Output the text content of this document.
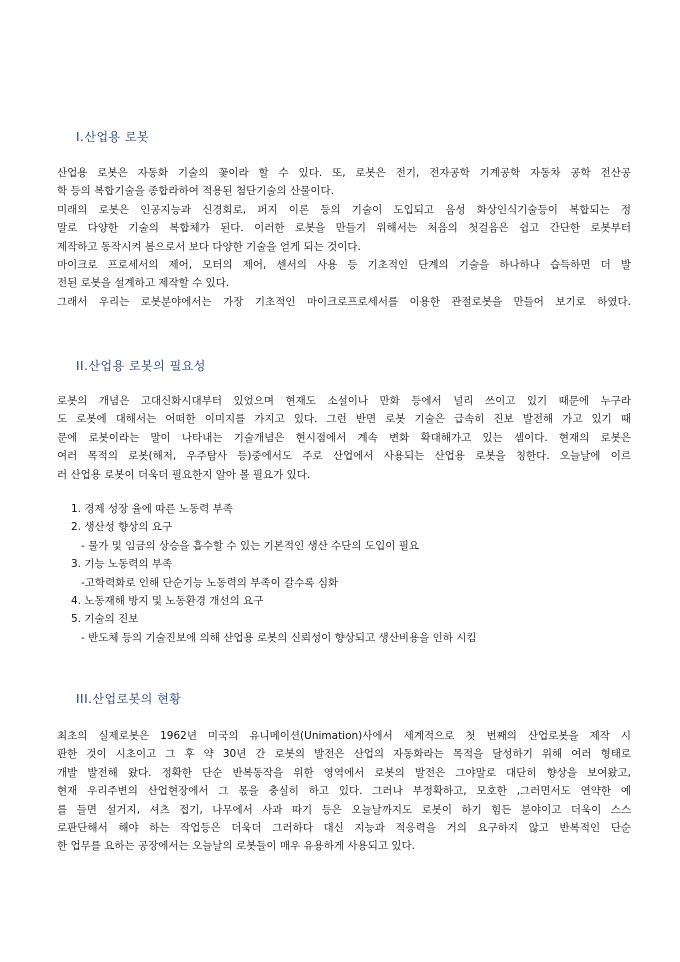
I.산업용 로봇
산업용 로봇은 자동화 기술의 꽃이라 할 수 있다. 또, 로봇은 전기, 전자공학 기계공학 자동차 공학 전산공
학 등의 복합기술을 종합라하여 적용된 첨단기술의 산물이다.
미래의 로봇은 인공지능과 신경회로, 퍼지 이론 등의 기술이 도입되고 음성 화상인식기술등이 복합되는 정
말로 다양한 기술의 복합체가 된다. 이러한 로봇을 만들기 위해서는 처음의 첫걸음은 쉽고 간단한 로봇부터
제작하고 동작시켜 봄으로서 보다 다양한 기술을 얻게 되는 것이다.
마이크로 프로세서의 제어, 모터의 제어, 센서의 사용 등 기초적인 단계의 기술을 하나하나 습득하면 더 발
전된 로봇을 설계하고 제작할 수 있다.
그래서 우리는 로봇분야에서는 가장 기초적인 마이크로프로세서를 이용한 관절로봇을 만들어 보기로 하였다.
II.산업용 로봇의 필요성
로봇의 개념은 고대신화시대부터 있었으며 현재도 소설이나 만화 등에서 널리 쓰이고 있기 때문에 누구라
도 로봇에 대해서는 어떠한 이미지를 가지고 있다. 그런 반면 로봇 기술은 급속히 진보 발전해 가고 있기 때
문에 로봇이라는 말이 나타내는 기술개념은 현시점에서 계속 변화 확대해가고 있는 셈이다. 현재의 로봇은
여러 목적의 로봇(해저, 우주탐사 등)중에서도 주로 산업에서 사용되는 산업용 로봇을 칭한다. 오늘날에 이르
러 산업용 로봇이 더욱더 필요한지 알아 볼 필요가 있다.
1. 경제 성장 율에 따른 노동력 부족
2. 생산성 향상의 요구
- 물가 및 임금의 상승을 흡수할 수 있는 기본적인 생산 수단의 도입이 필요
3. 기능 노동력의 부족
-고학력화로 인해 단순기능 노동력의 부족이 갈수록 심화
4. 노동재해 방지 및 노동환경 개선의 요구
5. 기술의 진보
- 반도체 등의 기술진보에 의해 산업용 로봇의 신뢰성이 향상되고 생산비용을 인하 시킴
III.산업로봇의 현황
최초의 실제로봇은 1962년 미국의 유니메이션(Unimation)사에서 세계적으로 첫 번째의 산업로봇을 제작 시
판한 것이 시초이고 그 후 약 30년 간 로봇의 발전은 산업의 자동화라는 목적을 달성하기 위해 여러 형태로
개발 발전해 왔다. 정확한 단순 반복동작을 위한 영역에서 로봇의 발전은 그야말로 대단히 향상을 보여왔고,
현재 우리주변의 산업현장에서 그 몫을 충실히 하고 있다. 그러나 부정확하고, 모호한 ,그러면서도 연약한 예
를 들면 설거지, 셔츠 접기, 나무에서 사과 따기 등은 오늘날까지도 로봇이 하기 힘든 분야이고 더욱이 스스
로판단해서 해야 하는 작업등은 더욱더 그러하다 대신 지능과 적응력을 거의 요구하지 않고 반복적인 단순
한 업무를 요하는 공장에서는 오늘날의 로봇들이 매우 유용하게 사용되고 있다.
